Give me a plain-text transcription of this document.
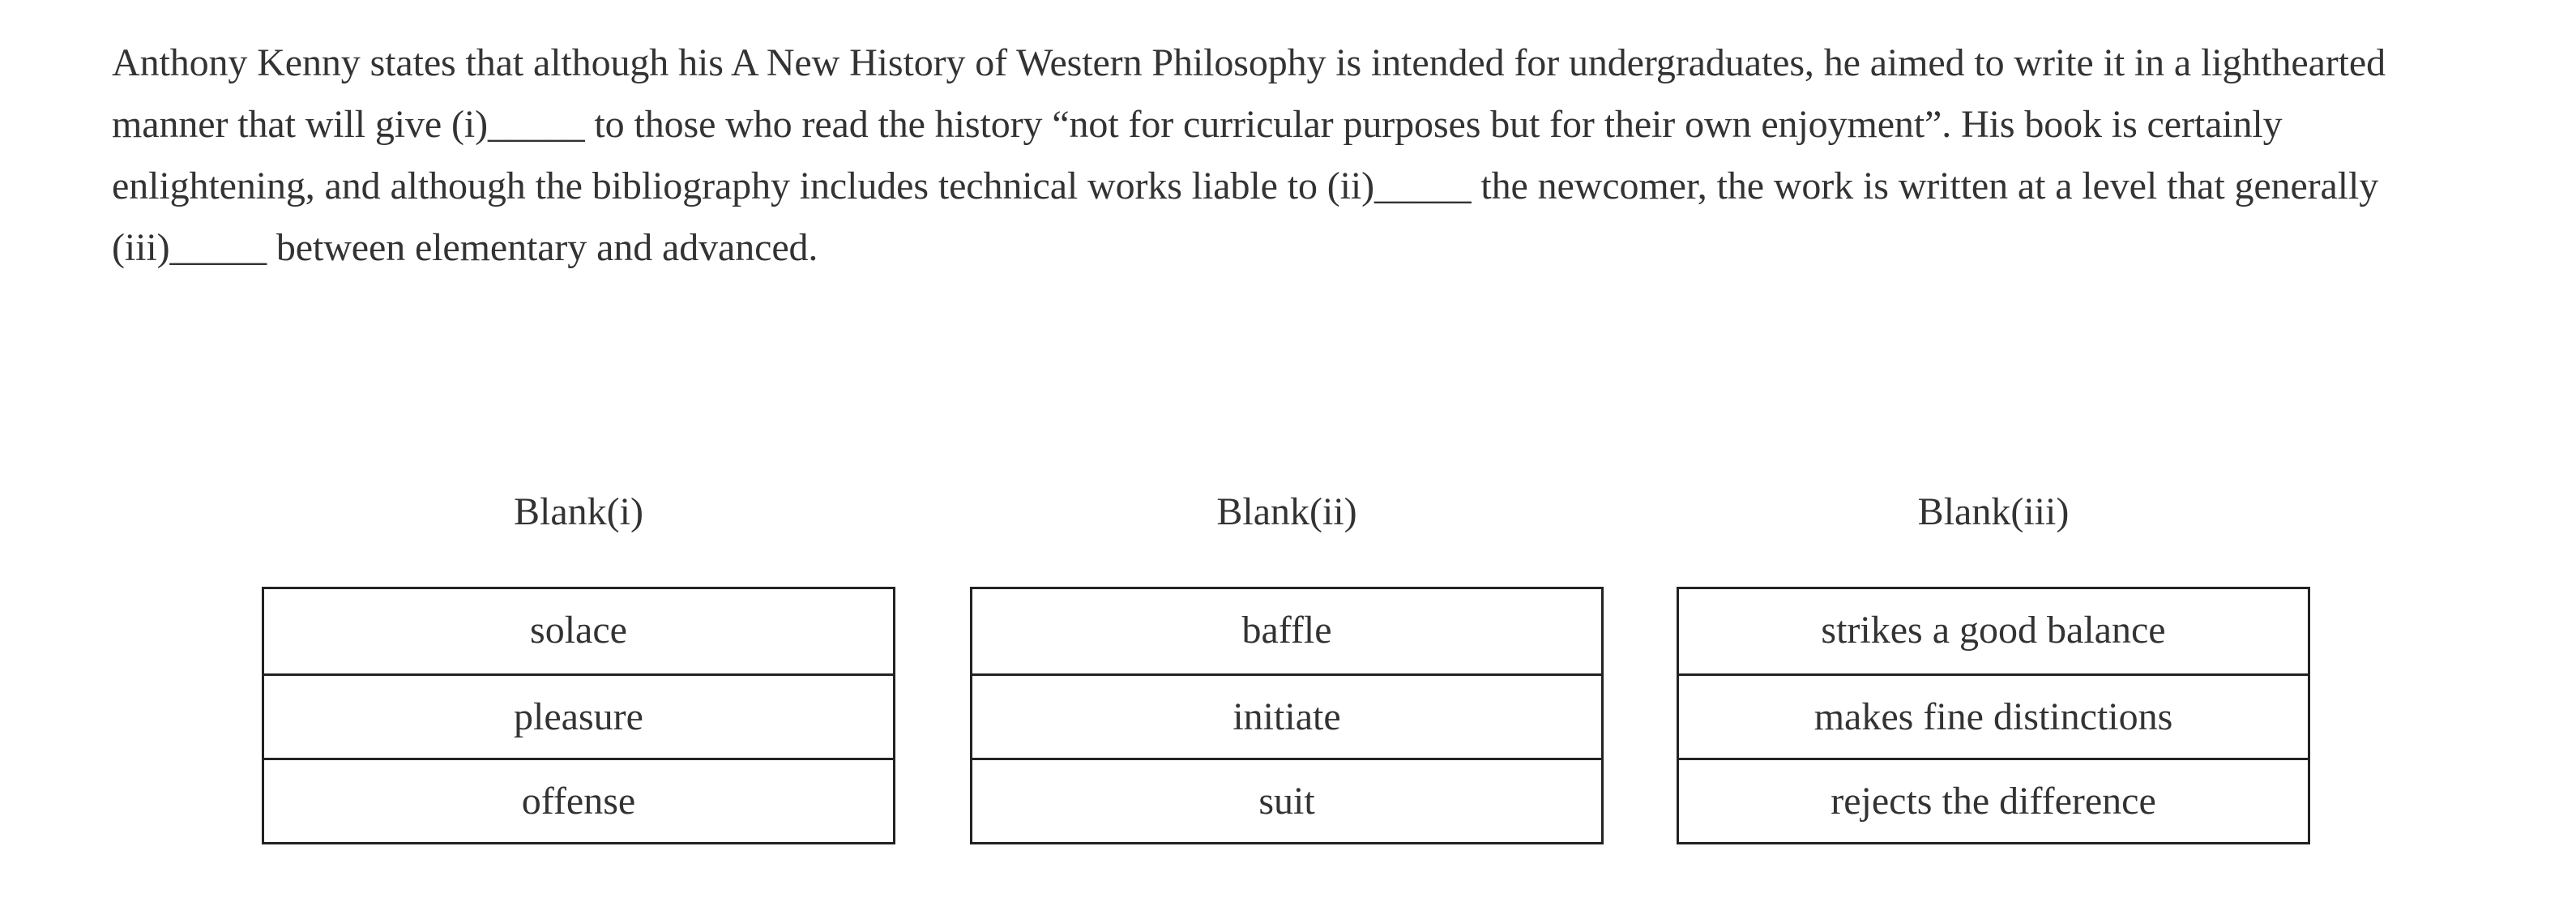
Anthony Kenny states that although his A New History of Western Philosophy is intended for undergraduates, he aimed to write it in a lighthearted manner that will give (i)_____ to those who read the history “not for curricular purposes but for their own enjoyment”. His book is certainly enlightening, and although the bibliography includes technical works liable to (ii)_____ the newcomer, the work is written at a level that generally (iii)_____ between elementary and advanced.

Blank(i)
solace
pleasure
offense
Blank(ii)
baffle
initiate
suit
Blank(iii)
strikes a good balance
makes fine distinctions
rejects the difference
